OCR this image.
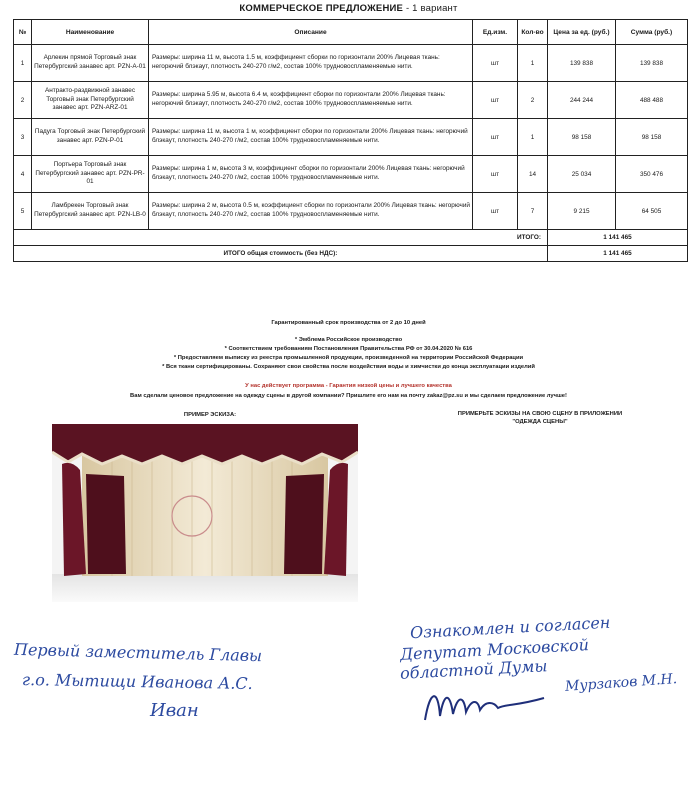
КОММЕРЧЕСКОЕ ПРЕДЛОЖЕНИЕ - 1 вариант
№	Наименование	Описание	Ед.изм.	Кол-во	Цена за ед. (руб.)	Сумма (руб.)
1	Арлекин прямой Торговый знак Петербургский занавес арт. PZN-A-01	Размеры: ширина 11 м, высота 1.5 м, коэффициент сборки по горизонтали 200% Лицевая ткань: негорючий блэкаут, плотность 240-270 г/м2, состав 100% трудновоспламеняемые нити.	шт	1	139 838	139 838
2	Антракто-раздвижной занавес Торговый знак Петербургский занавес арт. PZN-ARZ-01	Размеры: ширина 5.95 м, высота 6.4 м, коэффициент сборки по горизонтали 200% Лицевая ткань: негорючий блэкаут, плотность 240-270 г/м2, состав 100% трудновоспламеняемые нити.	шт	2	244 244	488 488
3	Падуга Торговый знак Петербургский занавес арт. PZN-P-01	Размеры: ширина 11 м, высота 1 м, коэффициент сборки по горизонтали 200% Лицевая ткань: негорючий блэкаут, плотность 240-270 г/м2, состав 100% трудновоспламеняемые нити.	шт	1	98 158	98 158
4	Портьера Торговый знак Петербургский занавес арт. PZN-PR-01	Размеры: ширина 1 м, высота 3 м, коэффициент сборки по горизонтали 200% Лицевая ткань: негорючий блэкаут, плотность 240-270 г/м2, состав 100% трудновоспламеняемые нити.	шт	14	25 034	350 476
5	Ламбрекен Торговый знак Петербургский занавес арт. PZN-LB-0	Размеры: ширина 2 м, высота 0.5 м, коэффициент сборки по горизонтали 200% Лицевая ткань: негорючий блэкаут, плотность 240-270 г/м2, состав 100% трудновоспламеняемые нити.	шт	7	9 215	64 505
ИТОГО:					1 141 465	
ИТОГО общая стоимость (без НДС):					1 141 465	
Гарантированный срок производства от 2 до 10 дней
* Эмблема Российское производство
* Соответствием требованиям Постановления Правительства РФ от 30.04.2020 № 616
* Предоставляем выписку из реестра промышленной продукции, произведенной на территории Российской Федерации
* Вся ткани сертифицированы. Сохраняют свои свойства после воздействия воды и химчистки до конца эксплуатации изделий
У нас действует программа - Гарантия низкой цены и лучшего качества
Вам сделали ценовое предложение на одежду сцены в другой компании? Пришлите его нам на почту zakaz@pz.su и мы сделаем предложение лучше!
ПРИМЕР ЭСКИЗА:	ПРИМЕРЬТЕ ЭСКИЗЫ НА СВОЮ СЦЕНУ В ПРИЛОЖЕНИИ "ОДЕЖДА СЦЕНЫ"
Первый заместитель Главы
г.о. Мытищи Иванова А.С.
Иван
Ознакомлен и согласен
Депутат Московской
областной Думы
Мурзаков М.Н.
